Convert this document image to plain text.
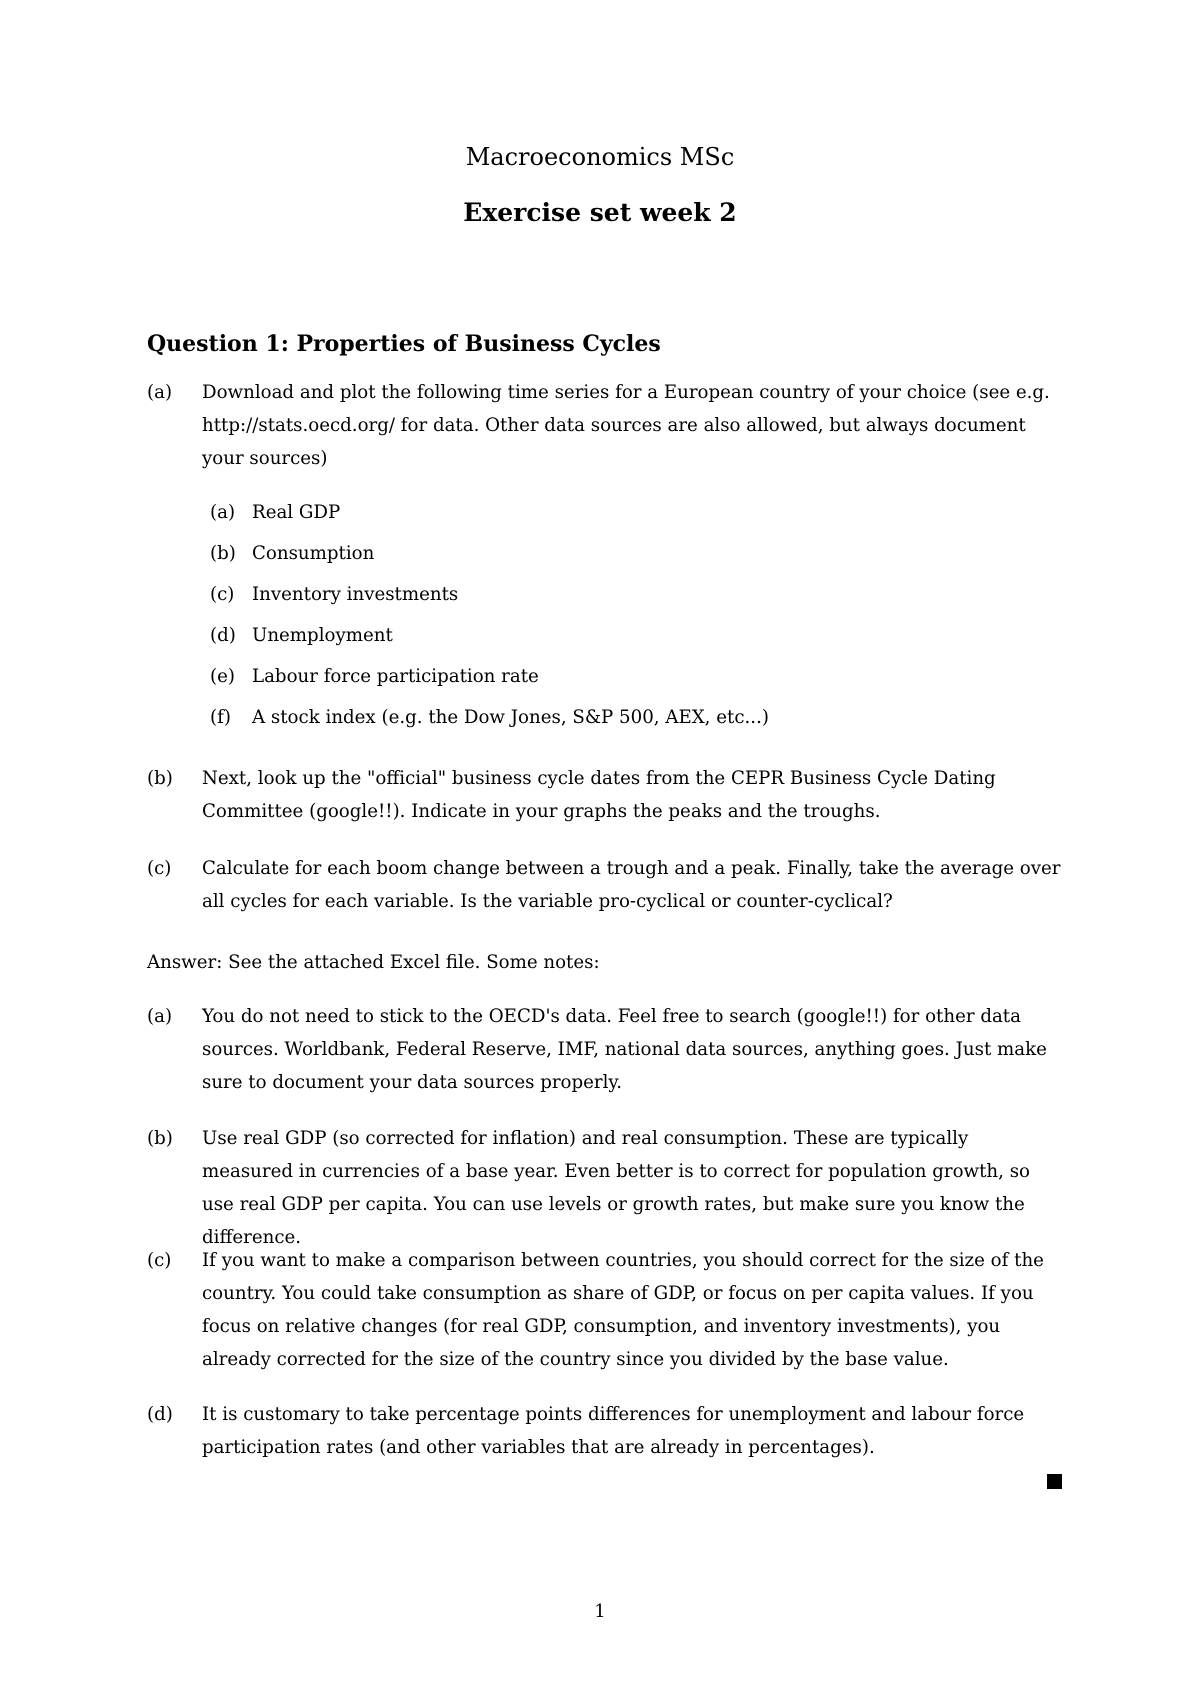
Macroeconomics MSc
Exercise set week 2
Question 1: Properties of Business Cycles
(a)	Download and plot the following time series for a European country of your choice (see e.g. http://stats.oecd.org/ for data. Other data sources are also allowed, but always document your sources)
(a) Real GDP
(b) Consumption
(c) Inventory investments
(d) Unemployment
(e) Labour force participation rate
(f)	A stock index (e.g. the Dow Jones, S&P 500, AEX, etc...)
(b)	Next, look up the "official" business cycle dates from the CEPR Business Cycle Dating Committee (google!!). Indicate in your graphs the peaks and the troughs.
(c)	Calculate for each boom change between a trough and a peak. Finally, take the average over all cycles for each variable. Is the variable pro-cyclical or counter-cyclical?
Answer: See the attached Excel file. Some notes:
(a)	You do not need to stick to the OECD's data. Feel free to search (google!!) for other data sources. Worldbank, Federal Reserve, IMF, national data sources, anything goes. Just make sure to document your data sources properly.
(b)	Use real GDP (so corrected for inflation) and real consumption. These are typically measured in currencies of a base year. Even better is to correct for population growth, so use real GDP per capita. You can use levels or growth rates, but make sure you know the difference.
(c)	If you want to make a comparison between countries, you should correct for the size of the country. You could take consumption as share of GDP, or focus on per capita values. If you focus on relative changes (for real GDP, consumption, and inventory investments), you already corrected for the size of the country since you divided by the base value.
(d)	It is customary to take percentage points differences for unemployment and labour force participation rates (and other variables that are already in percentages).
1
